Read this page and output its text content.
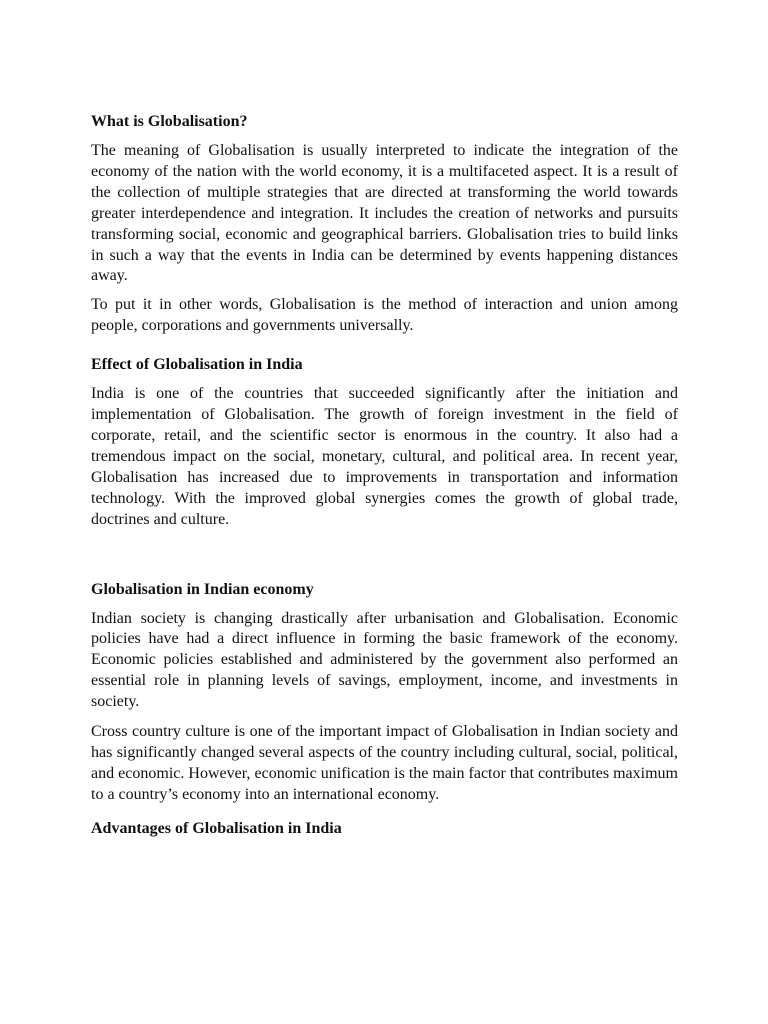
What is Globalisation?

The meaning of Globalisation is usually interpreted to indicate the integration of the economy of the nation with the world economy, it is a multifaceted aspect. It is a result of the collection of multiple strategies that are directed at transforming the world towards greater interdependence and integration. It includes the creation of networks and pursuits transforming social, economic and geographical barriers. Globalisation tries to build links in such a way that the events in India can be determined by events happening distances away.

To put it in other words, Globalisation is the method of interaction and union among people, corporations and governments universally.

Effect of Globalisation in India

India is one of the countries that succeeded significantly after the initiation and implementation of Globalisation. The growth of foreign investment in the field of corporate, retail, and the scientific sector is enormous in the country. It also had a tremendous impact on the social, monetary, cultural, and political area. In recent year, Globalisation has increased due to improvements in transportation and information technology. With the improved global synergies comes the growth of global trade, doctrines and culture.

Globalisation in Indian economy

Indian society is changing drastically after urbanisation and Globalisation. Economic policies have had a direct influence in forming the basic framework of the economy. Economic policies established and administered by the government also performed an essential role in planning levels of savings, employment, income, and investments in society.

Cross country culture is one of the important impact of Globalisation in Indian society and has significantly changed several aspects of the country including cultural, social, political, and economic. However, economic unification is the main factor that contributes maximum to a country’s economy into an international economy.

Advantages of Globalisation in India
